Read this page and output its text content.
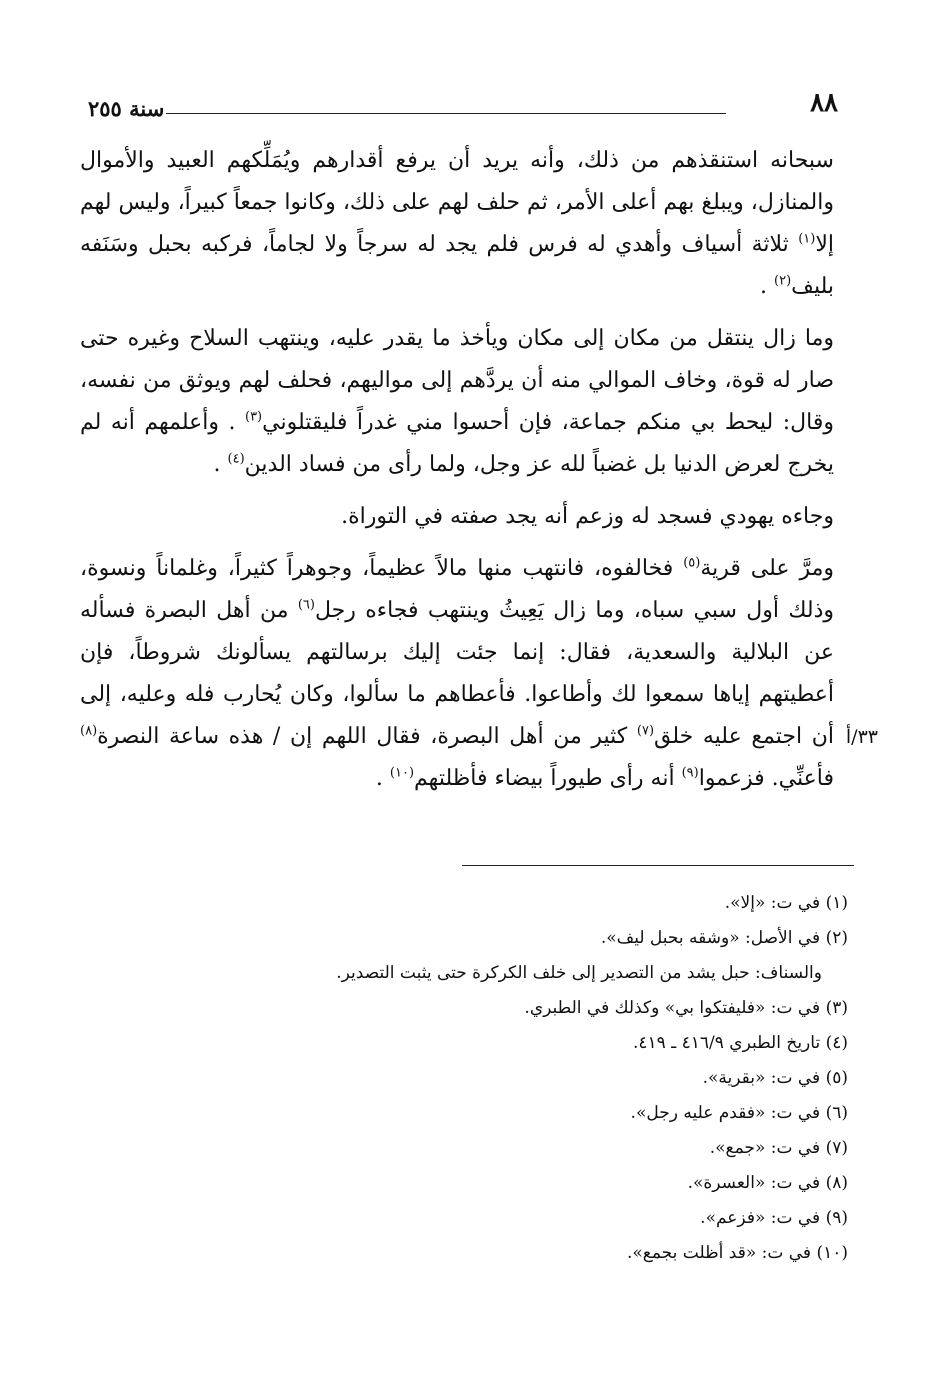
٨٨
سنة ٢٥٥

سبحانه استنقذهم من ذلك، وأنه يريد أن يرفع أقدارهم ويُمَلِّكهم العبيد والأموال والمنازل، ويبلغ بهم أعلى الأمر، ثم حلف لهم على ذلك، وكانوا جمعاً كبيراً، وليس لهم إلا$^{(١)}$ ثلاثة أسياف وأهدي له فرس فلم يجد له سرجاً ولا لجاماً، فركبه بحبل وسَنَفه بليف$^{(٢)}$ .

وما زال ينتقل من مكان إلى مكان ويأخذ ما يقدر عليه، وينتهب السلاح وغيره حتى صار له قوة، وخاف الموالي منه أن يردَّهم إلى مواليهم، فحلف لهم ويوثق من نفسه، وقال: ليحط بي منكم جماعة، فإن أحسوا مني غدراً فليقتلوني$^{(٣)}$ . وأعلمهم أنه لم يخرج لعرض الدنيا بل غضباً لله عز وجل، ولما رأى من فساد الدين$^{(٤)}$ .

وجاءه يهودي فسجد له وزعم أنه يجد صفته في التوراة.

ومرَّ على قرية$^{(٥)}$ فخالفوه، فانتهب منها مالاً عظيماً، وجوهراً كثيراً، وغلماناً ونسوة، وذلك أول سبي سباه، وما زال يَعِيثُ وينتهب فجاءه رجل$^{(٦)}$ من أهل البصرة فسأله عن البلالية والسعدية، فقال: إنما جئت إليك برسالتهم يسألونك شروطاً، فإن أعطيتهم إياها سمعوا لك وأطاعوا. فأعطاهم ما سألوا، وكان يُحارب فله وعليه، إلى أن اجتمع عليه خلق$^{(٧)}$ كثير من أهل البصرة، فقال اللهم إن / هذه ساعة النصرة$^{(٨)}$ فأعنِّي. فزعموا$^{(٩)}$ أنه رأى طيوراً بيضاء فأظلتهم$^{(١٠)}$ .
٣٣/أ

(١) في ت: «إلا».
(٢) في الأصل: «وشقه بحبل ليف».
والسناف: حبل يشد من التصدير إلى خلف الكركرة حتى يثبت التصدير.
(٣) في ت: «فليفتكوا بي» وكذلك في الطبري.
(٤) تاريخ الطبري ٤١٦/٩ ـ ٤١٩.
(٥) في ت: «بقرية».
(٦) في ت: «فقدم عليه رجل».
(٧) في ت: «جمع».
(٨) في ت: «العسرة».
(٩) في ت: «فزعم».
(١٠) في ت: «قد أظلت بجمع».
